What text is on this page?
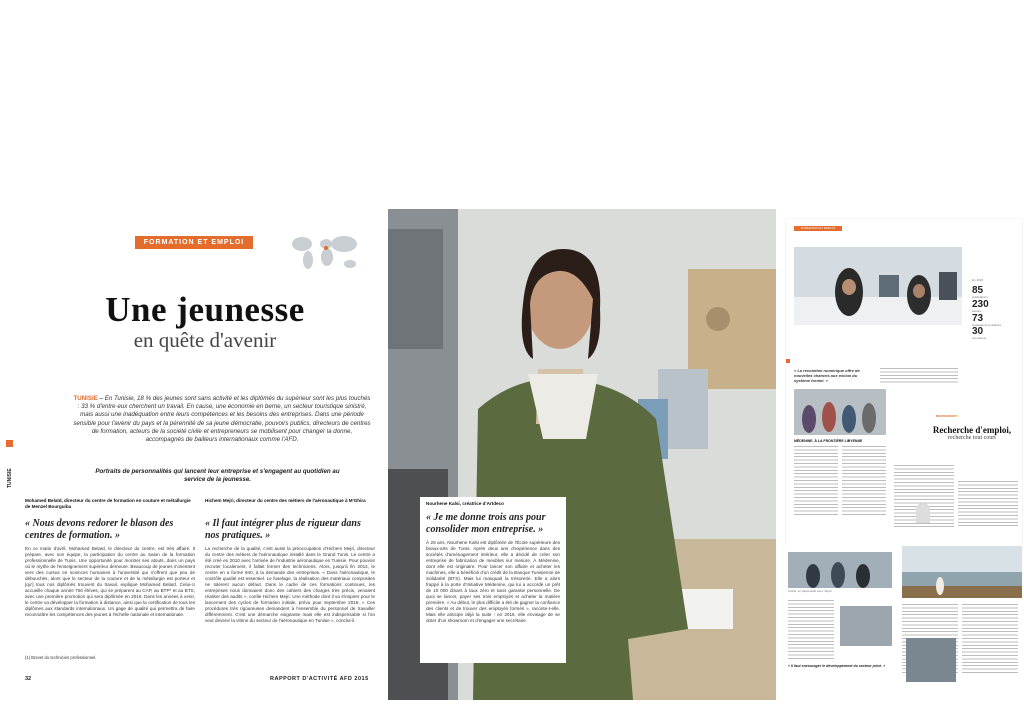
FORMATION ET EMPLOI
Une jeunesse
en quête d'avenir
TUNISIE – En Tunisie, 18 % des jeunes sont sans activité et les diplômés du supérieur sont les plus touchés : 33 % d'entre eux cherchent un travail. En cause, une économie en berne, un secteur touristique sinistré, mais aussi une inadéquation entre leurs compétences et les besoins des entreprises. Dans une période sensible pour l'avenir du pays et la pérennité de sa jeune démocratie, pouvoirs publics, directeurs de centres de formation, acteurs de la société civile et entrepreneurs se mobilisent pour changer la donne, accompagnés de bailleurs internationaux comme l'AFD.
Portraits de personnalités qui lancent leur entreprise et s'engagent au quotidien au service de la jeunesse.
TUNISIE
Mohamed Belaïd, directeur du centre de formation en couture et métallurgie de Menzel Bourguiba
« Nous devons redorer le blason des centres de formation. »
En ce matin d'avril, Mohamed Belaïd, le directeur du centre, est très affairé. Il prépare, avec son équipe, la participation du centre au Salon de la formation professionnelle de Tunis. Une opportunité pour montrer ses atouts, dans un pays où le mythe de l'enseignement supérieur demeure. Beaucoup de jeunes s'orientent vers des cursus en sciences humaines à l'université qui n'offrent que peu de débouchés, alors que le secteur de la couture et de la métallurgie est porteur et [qu'] tous nos diplômés trouvent du travail, explique Mohamed Belaïd. Celui-ci accueille chaque année 750 élèves, qui se préparent au CAP, au BTP* et au BTS, avec une première promotion qui sera diplômée en 2016. Dans les années à venir, le centre va développer la formation à distance, ainsi que la certification de tous les diplômes aux standards internationaux. Un gage de qualité qui permettra de faire reconnaître les compétences des jeunes à l'échelle nationale et internationale.
(1) Brevet du technicien professionnel.
Hichem Mejri, directeur du centre des métiers de l'aéronautique à M'Ghira
« Il faut intégrer plus de rigueur dans nos pratiques. »
La recherche de la qualité, c'est aussi la préoccupation d'Hichem Mejri, directeur du centre des métiers de l'aéronautique installé dans le Grand Tunis. Le centre a été créé en 2010 avec l'arrivée de l'industrie aéronautique en Tunisie. Pour pouvoir recruter localement, il fallait former des techniciens. Alors, jusqu'à fin 2014, le centre en a formé 940, à la demande des entreprises. « Dans l'aéronautique, le contrôle qualité est essentiel. Le fuselage, la réalisation des matériaux composites ne tolèrent aucun défaut. Dans le cadre de ces formations continues, les entreprises nous donnaient donc des cahiers des charges très précis, venaient réaliser des audits », confie Hichem Mejri. Une méthode dont il va s'inspirer pour le lancement des cycles de formation initiale, prévu pour septembre 2016. « Ces procédures très rigoureuses demandent à l'ensemble du personnel de travailler différemment. C'est une démarche exigeante mais elle est indispensable si l'on veut devenir la vitrine du secteur de l'aéronautique en Tunisie », conclut-il.
32	RAPPORT D'ACTIVITÉ AFD 2015
Nourhene Kalsi, créatrice d'Artdeco
« Je me donne trois ans pour consolider mon entreprise. »
À 28 ans, Nourhene Kalsi est diplômée de l'École supérieure des beaux-arts de Tunis. Après deux ans d'expérience dans des sociétés d'aménagement intérieur, elle a décidé de créer son entreprise de fabrication de meubles sur mesure. À Médenine, dont elle est originaire. Pour lancer son affaire et acheter les machines, elle a bénéficié d'un crédit de la Banque Tunisienne de Solidarité (BTS). Mais lui manquait la trésorerie. Elle a alors frappé à la porte d'Initiative Médenine, qui lui a accordé un prêt de 10 000 dinars à taux zéro et sans garantie personnelle. De quoi se lancer, payer ses trois employés et acheter la matière première. « Au début, le plus difficile a été de gagner la confiance des clients et de trouver des employés formés », raconte-t-elle. Mais elle anticipe déjà la suite : en 2016, elle envisage de se doter d'un showroom et d'engager une secrétaire.
FORMATION ET EMPLOI
En 2015
85
publications
230
études
73
évaluations et ateliers
30
formations
« La révolution numérique offre de nouvelles chances aux exclus du système formel. »
MÉDENINE, À LA FRONTIÈRE LIBYENNE
MICROCREDIT
Recherche d'emploi,
recherche tout court
CAFE, en partenariat avec Taysir
« Il faut encourager le développement du secteur privé. »
